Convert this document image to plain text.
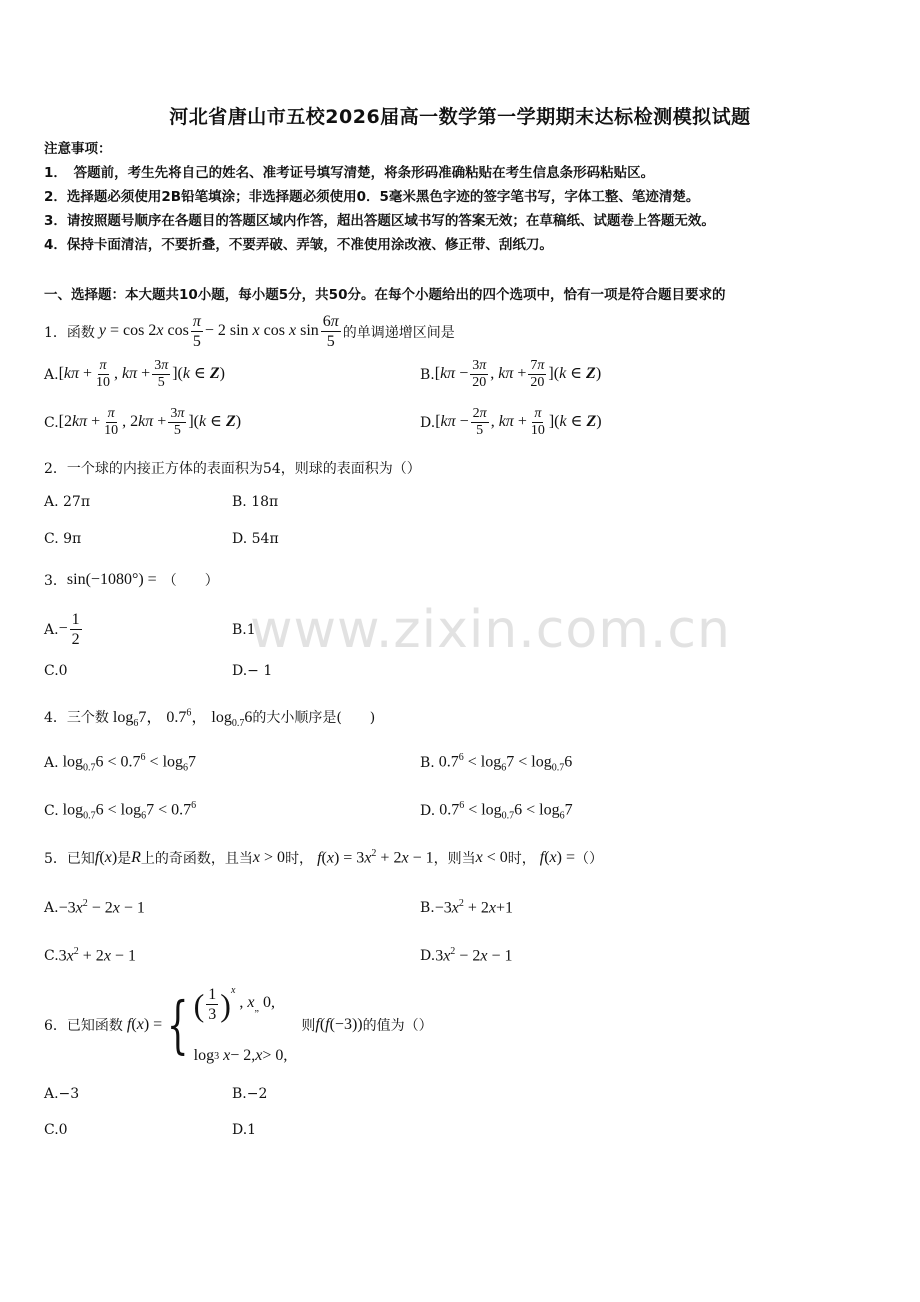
www.zixin.com.cn
河北省唐山市五校2026届高一数学第一学期期末达标检测模拟试题
注意事项：
1．　答题前，考生先将自己的姓名、准考证号填写清楚，将条形码准确粘贴在考生信息条形码粘贴区。
2．选择题必须使用2B铅笔填涂；非选择题必须使用0．5毫米黑色字迹的签字笔书写，字体工整、笔迹清楚。
3．请按照题号顺序在各题目的答题区域内作答，超出答题区域书写的答案无效；在草稿纸、试题卷上答题无效。
4．保持卡面清洁，不要折叠，不要弄破、弄皱，不准使用涂改液、修正带、刮纸刀。
一、选择题：本大题共10小题，每小题5分，共50分。在每个小题给出的四个选项中，恰有一项是符合题目要求的
1．函数 y = cos 2x $\cos \frac{\pi}{5} - 2$ sin x cos x $\sin \frac{6\pi}{5}$ 的单调递增区间是
A. [$k\pi + \frac{\pi}{10}$ , $k\pi + \frac{3\pi}{5} ](k$ ∈ Z)	B. [$k\pi - \frac{3\pi}{20}$ , $k\pi + \frac{7\pi}{20} ](k$ ∈ Z)
C. [$2k\pi + \frac{\pi}{10}$ , $2k\pi + \frac{3\pi}{5} ](k$ ∈ Z)	D. [$k\pi - \frac{2\pi}{5}$ , $k\pi + \frac{\pi}{10} ](k$ ∈ Z)
2．一个球的内接正方体的表面积为54，则球的表面积为（）
A. 27π	B. 18π
C. 9π	D. 54π
3． sin(−1080°) = （　　）
A. − $\frac{1}{2}$	B.1
C.0	D.− 1
4．三个数 $\log_67$， $0.7^6$， $\log_{0.7}6$ 的大小顺序是 (　　)
A. $\log_{0.7}6 < 0.7^6 < \log_67$	B. $0.7^6 < \log_67 < \log_{0.7}6$
C. $\log_{0.7}6 < \log_67 < 0.7^6$	D. $0.7^6 < \log_{0.7}6 < \log_67$
5．已知 f(x) 是 R 上的奇函数，且当 x > 0 时， $f(x) = 3x^2 + 2x - 1$ ，则当 x < 0 时， f(x) = （）
A. $-3x^2 - 2x - 1$	B. $-3x^2 + 2x+1$
C. $3x^2 + 2x - 1$	D. $3x^2 - 2x - 1$
6．已知函数 f(x) = { ( $\frac{1}{3}$ ) x
, $x_„$ 0,
log 3
x − 2, x > 0,
则 f(f(−3)) 的值为（）
A.−3	B.−2
C.0	D.1
